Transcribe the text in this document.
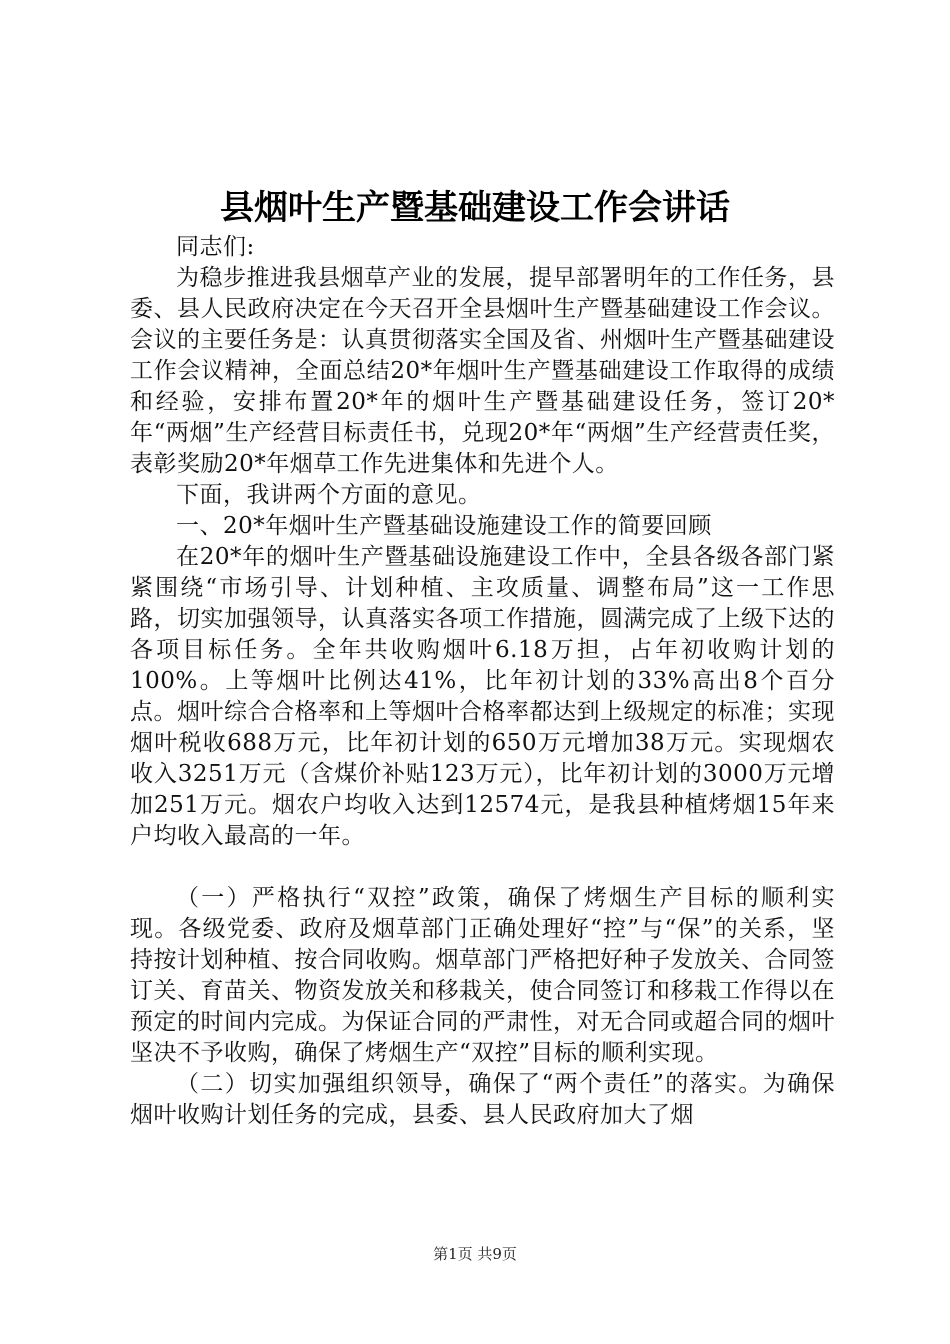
县烟叶生产暨基础建设工作会讲话

同志们:

为稳步推进我县烟草产业的发展，提早部署明年的工作任务，县委、县人民政府决定在今天召开全县烟叶生产暨基础建设工作会议。会议的主要任务是：认真贯彻落实全国及省、州烟叶生产暨基础建设工作会议精神，全面总结20*年烟叶生产暨基础建设工作取得的成绩和经验，安排布置20*年的烟叶生产暨基础建设任务，签订20*年“两烟”生产经营目标责任书，兑现20*年“两烟”生产经营责任奖，表彰奖励20*年烟草工作先进集体和先进个人。

下面，我讲两个方面的意见。

一、20*年烟叶生产暨基础设施建设工作的简要回顾

在20*年的烟叶生产暨基础设施建设工作中，全县各级各部门紧紧围绕“市场引导、计划种植、主攻质量、调整布局”这一工作思路，切实加强领导，认真落实各项工作措施，圆满完成了上级下达的各项目标任务。全年共收购烟叶6.18万担，占年初收购计划的100%。上等烟叶比例达41%，比年初计划的33%高出8个百分点。烟叶综合合格率和上等烟叶合格率都达到上级规定的标准；实现烟叶税收688万元，比年初计划的650万元增加38万元。实现烟农收入3251万元（含煤价补贴123万元），比年初计划的3000万元增加251万元。烟农户均收入达到12574元，是我县种植烤烟15年来户均收入最高的一年。

（一）严格执行“双控”政策，确保了烤烟生产目标的顺利实现。各级党委、政府及烟草部门正确处理好“控”与“保”的关系，坚持按计划种植、按合同收购。烟草部门严格把好种子发放关、合同签订关、育苗关、物资发放关和移栽关，使合同签订和移栽工作得以在预定的时间内完成。为保证合同的严肃性，对无合同或超合同的烟叶坚决不予收购，确保了烤烟生产“双控”目标的顺利实现。

（二）切实加强组织领导，确保了“两个责任”的落实。为确保烟叶收购计划任务的完成，县委、县人民政府加大了烟

第1页 共9页
